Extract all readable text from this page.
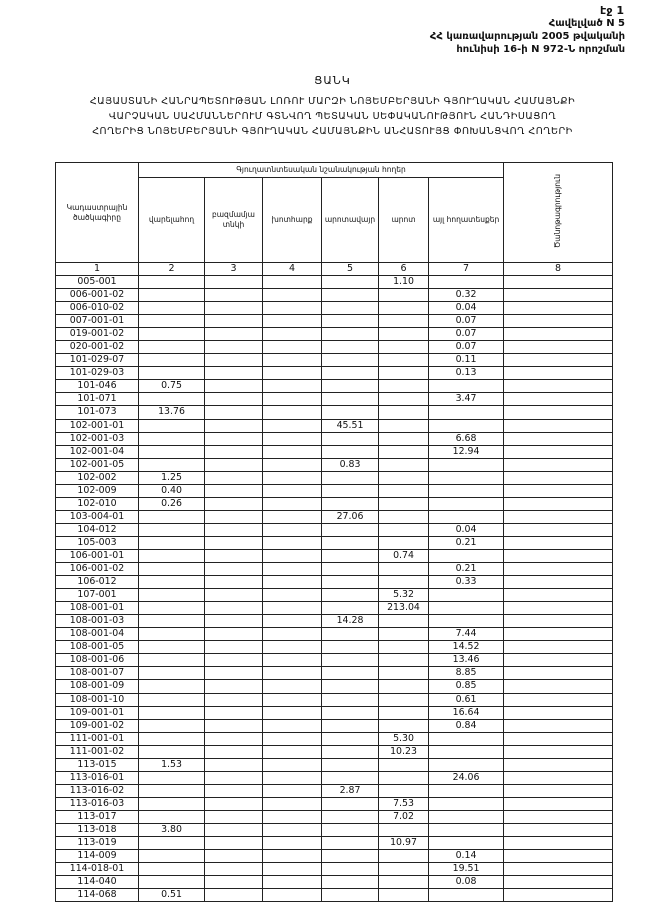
էջ 1
Հավելված N 5
ՀՀ կառավարության 2005 թվականի
հունիսի 16-ի N 972-Ն որոշման
ՑԱՆԿ
ՀԱՅԱՍՏԱՆԻ ՀԱՆՐԱՊԵՏՈՒԹՅԱՆ ԼՈՌՈՒ ՄԱՐԶԻ ՆՈՅԵՄԲԵՐՅԱՆԻ ԳՅՈՒՂԱԿԱՆ ՀԱՄԱՅՆՔԻ
ՎԱՐՉԱԿԱՆ ՍԱՀՄԱՆՆԵՐՈՒՄ ԳՏՆՎՈՂ ՊԵՏԱԿԱՆ ՍԵՓԱԿԱՆՈՒԹՅՈՒՆ ՀԱՆԴԻՍԱՑՈՂ
ՀՈՂԵՐԻՑ ՆՈՅԵՄԲԵՐՅԱՆԻ ԳՅՈՒՂԱԿԱՆ ՀԱՄԱՅՆՔԻՆ ԱՆՀԱՏՈՒՅՑ ՓՈԽԱՆՑՎՈՂ ՀՈՂԵՐԻ
Կադաստրային ծածկագիրը	Գյուղատնտեսական նշանակության հողեր						Ծանոթագրություն
	վարելահող	բազմամյա տնկի	խոտհարք	արոտավայր	արոտ	այլ հողատեսքեր	
1	2	3	4	5	6	7	8
005-001					1.10		
006-001-02						0.32	
006-010-02						0.04	
007-001-01						0.07	
019-001-02						0.07	
020-001-02						0.07	
101-029-07						0.11	
101-029-03						0.13	
101-046	0.75						
101-071						3.47	
101-073	13.76						
102-001-01				45.51			
102-001-03						6.68	
102-001-04						12.94	
102-001-05				0.83			
102-002	1.25						
102-009	0.40						
102-010	0.26						
103-004-01				27.06			
104-012						0.04	
105-003						0.21	
106-001-01					0.74		
106-001-02						0.21	
106-012						0.33	
107-001					5.32		
108-001-01					213.04		
108-001-03				14.28			
108-001-04						7.44	
108-001-05						14.52	
108-001-06						13.46	
108-001-07						8.85	
108-001-09						0.85	
108-001-10						0.61	
109-001-01						16.64	
109-001-02						0.84	
111-001-01					5.30		
111-001-02					10.23		
113-015	1.53						
113-016-01						24.06	
113-016-02				2.87			
113-016-03					7.53		
113-017					7.02		
113-018	3.80						
113-019					10.97		
114-009						0.14	
114-018-01						19.51	
114-040						0.08	
114-068	0.51						
